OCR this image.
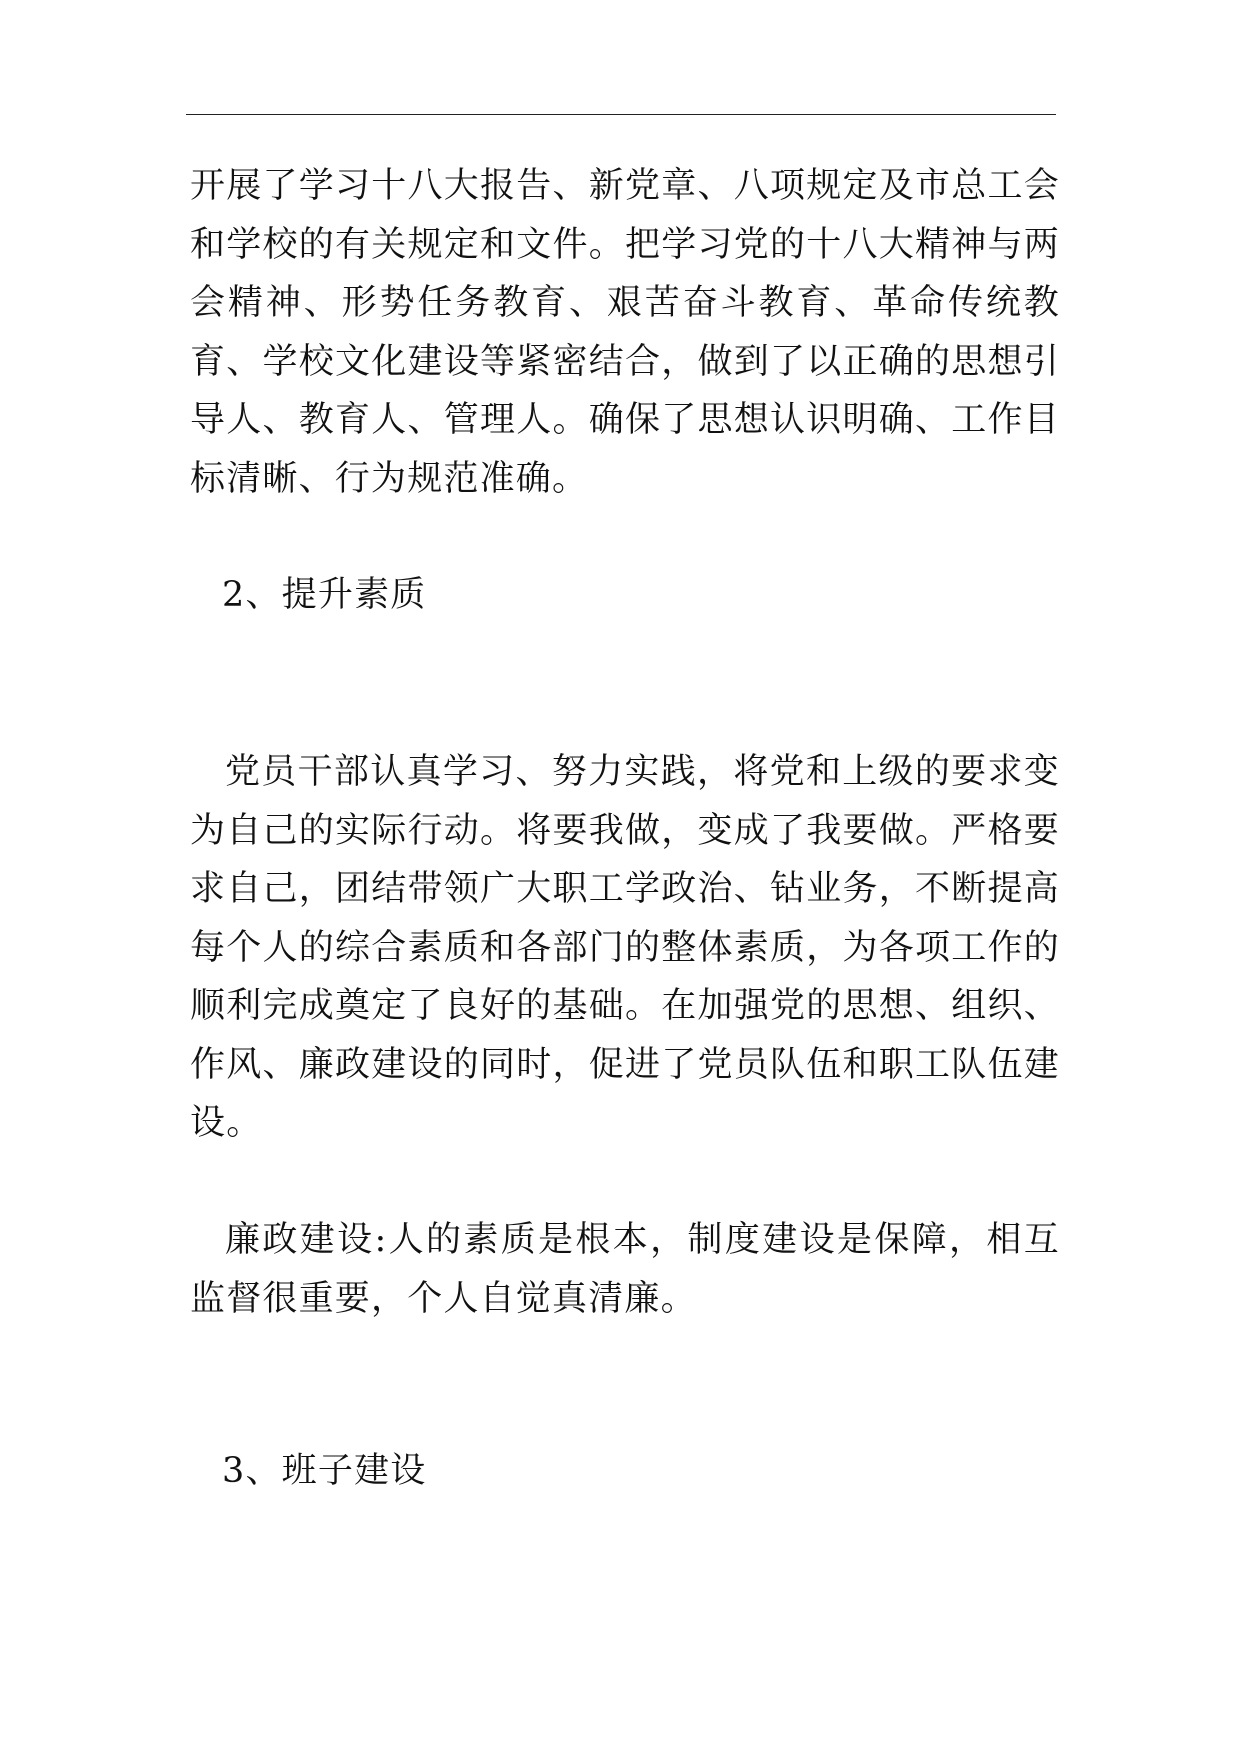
开展了学习十八大报告、新党章、八项规定及市总工会和学校的有关规定和文件。把学习党的十八大精神与两会精神、形势任务教育、艰苦奋斗教育、革命传统教育、学校文化建设等紧密结合，做到了以正确的思想引导人、教育人、管理人。确保了思想认识明确、工作目标清晰、行为规范准确。

2、提升素质

党员干部认真学习、努力实践，将党和上级的要求变为自己的实际行动。将要我做，变成了我要做。严格要求自己，团结带领广大职工学政治、钻业务，不断提高每个人的综合素质和各部门的整体素质，为各项工作的顺利完成奠定了良好的基础。在加强党的思想、组织、作风、廉政建设的同时，促进了党员队伍和职工队伍建设。

廉政建设:人的素质是根本，制度建设是保障，相互监督很重要，个人自觉真清廉。

3、班子建设
